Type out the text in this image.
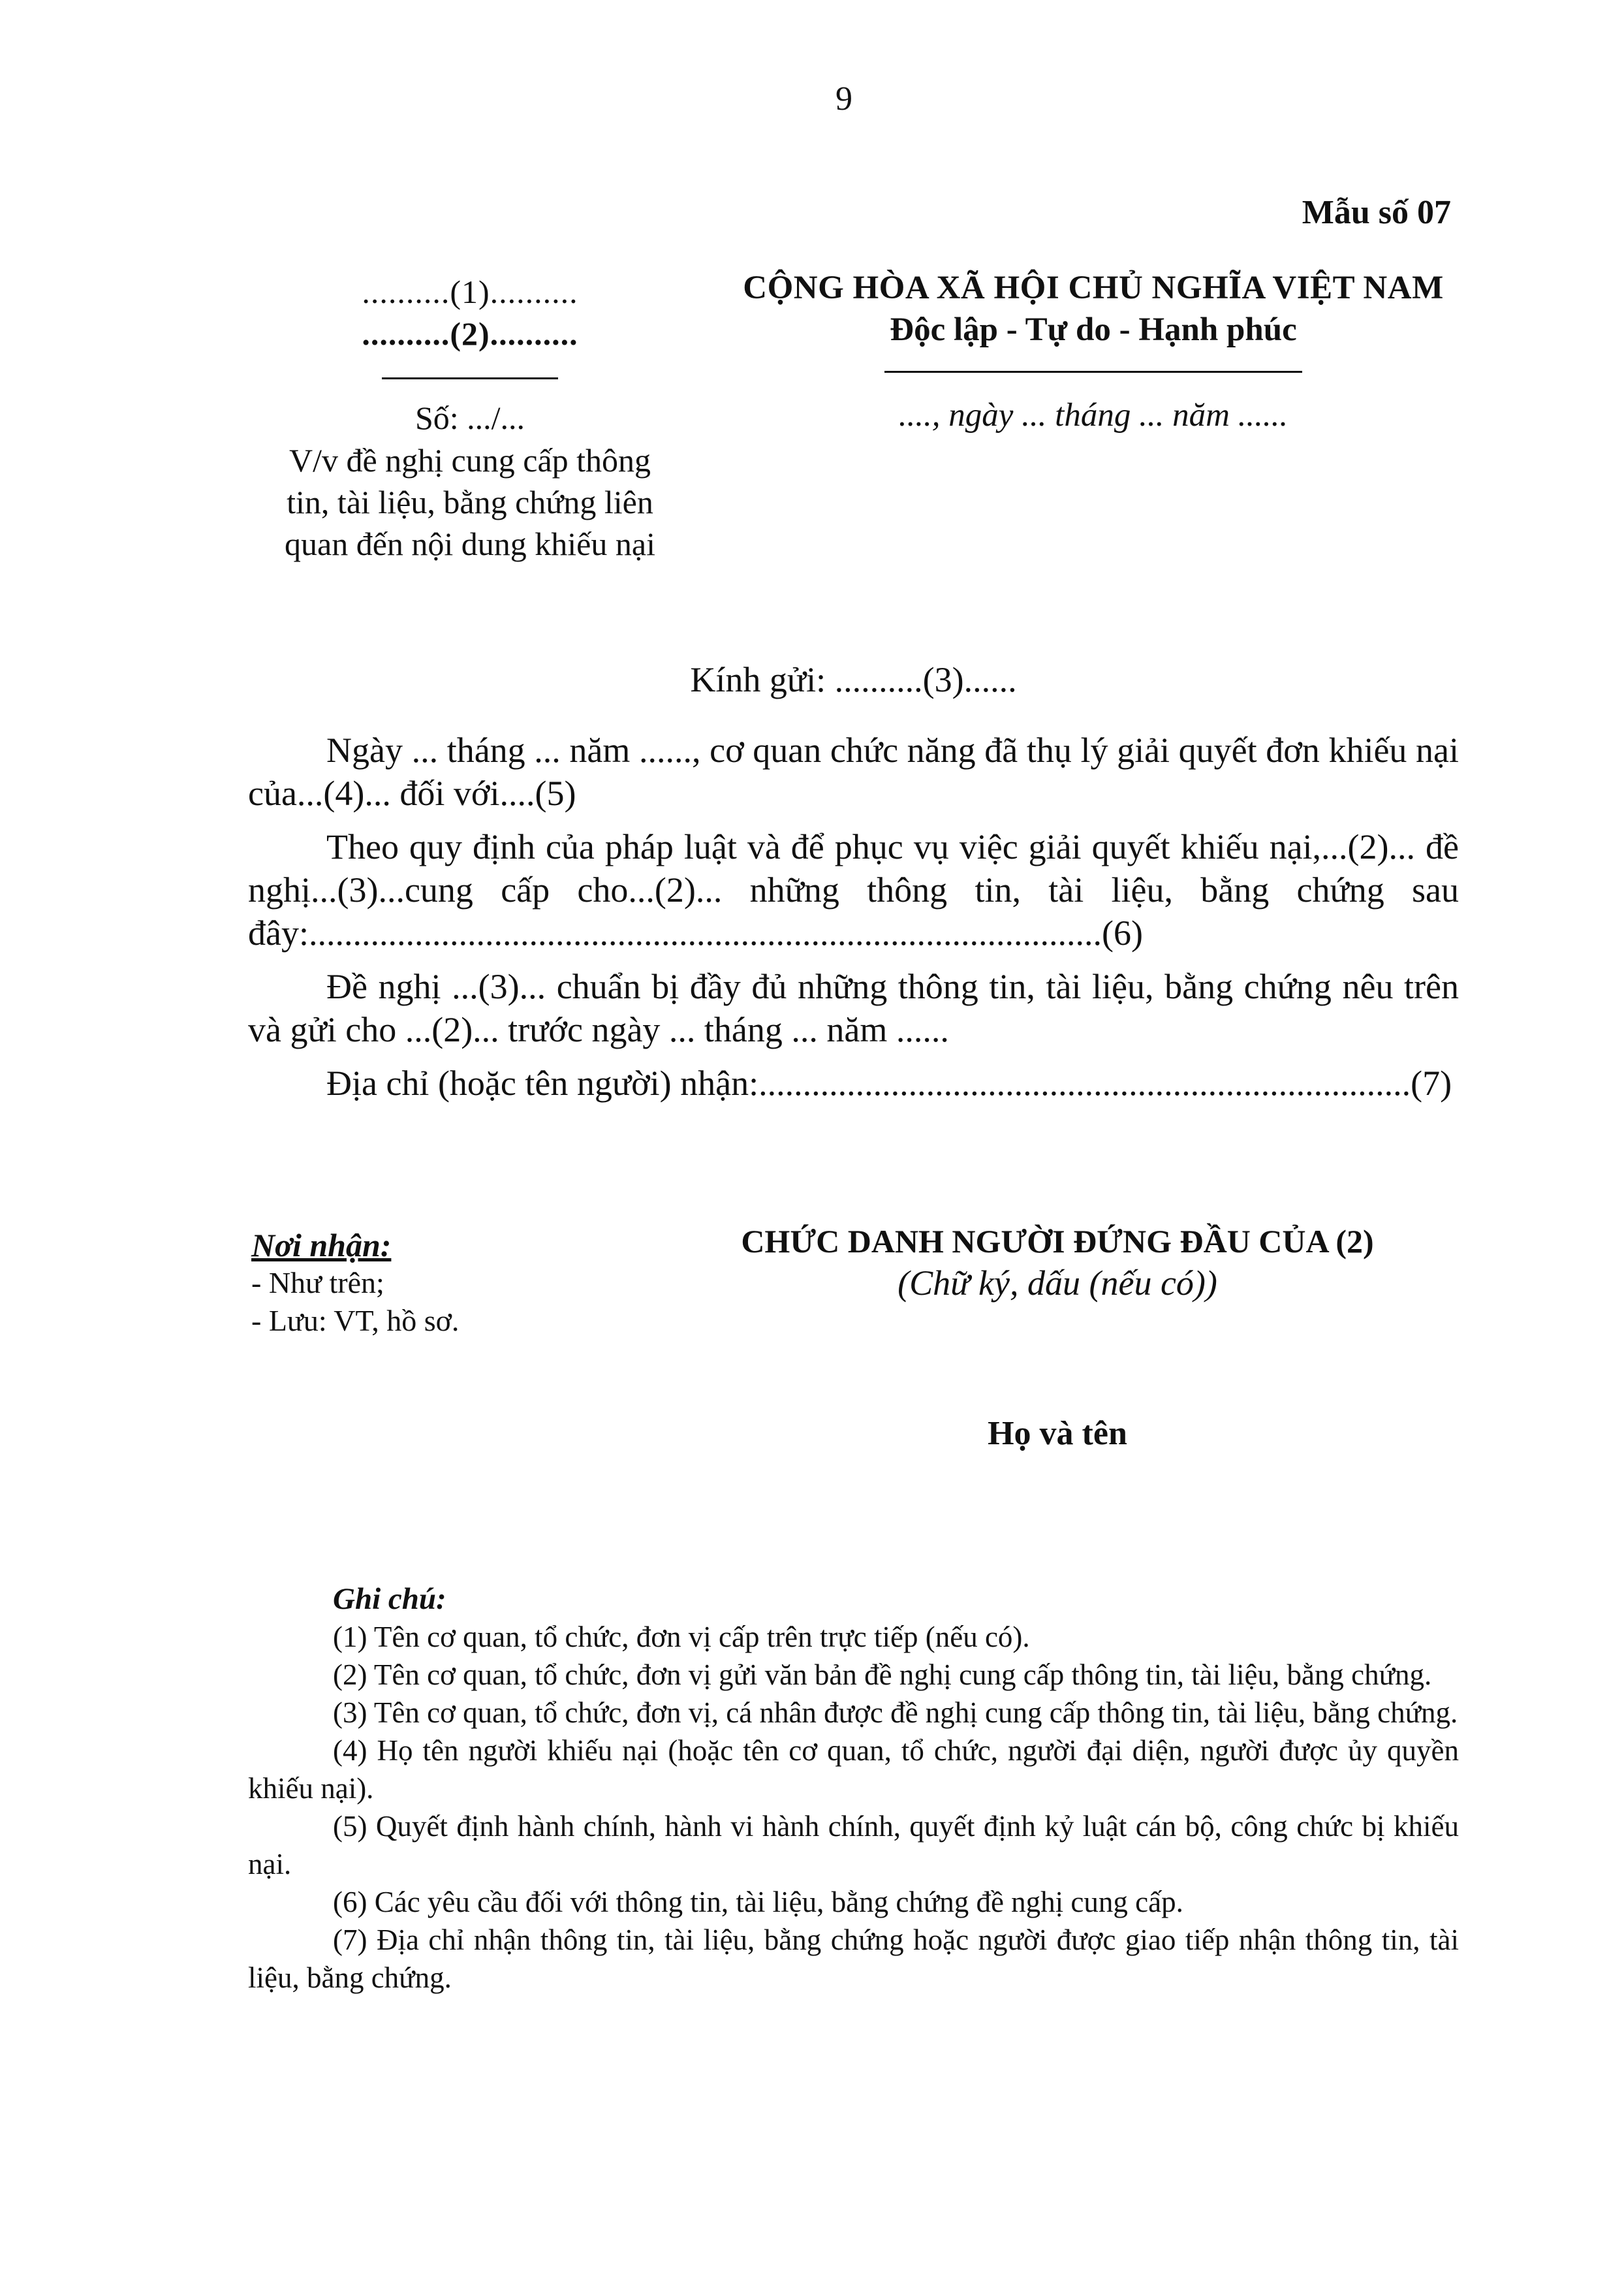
9
Mẫu số 07
..........(1)..........
..........(2)..........
Số: .../...
V/v đề nghị cung cấp thông
tin, tài liệu, bằng chứng liên
quan đến nội dung khiếu nại
CỘNG HÒA XÃ HỘI CHỦ NGHĨA VIỆT NAM
Độc lập - Tự do - Hạnh phúc
...., ngày ... tháng ... năm ......
Kính gửi: ..........(3)......

Ngày ... tháng ... năm ......, cơ quan chức năng đã thụ lý giải quyết đơn khiếu nại của...(4)... đối với....(5)

Theo quy định của pháp luật và để phục vụ việc giải quyết khiếu nại,...(2)... đề nghị...(3)...cung cấp cho...(2)... những thông tin, tài liệu, bằng chứng sau đây:..........................................................................................(6)

Đề nghị ...(3)... chuẩn bị đầy đủ những thông tin, tài liệu, bằng chứng nêu trên và gửi cho ...(2)... trước ngày ... tháng ... năm ......

Địa chỉ (hoặc tên người) nhận:..........................................................................(7)

Nơi nhận:
- Như trên;
- Lưu: VT, hồ sơ.
CHỨC DANH NGƯỜI ĐỨNG ĐẦU CỦA (2)
(Chữ ký, dấu (nếu có))
Họ và tên
Ghi chú:
(1) Tên cơ quan, tổ chức, đơn vị cấp trên trực tiếp (nếu có).
(2) Tên cơ quan, tổ chức, đơn vị gửi văn bản đề nghị cung cấp thông tin, tài liệu, bằng chứng.
(3) Tên cơ quan, tổ chức, đơn vị, cá nhân được đề nghị cung cấp thông tin, tài liệu, bằng chứng.
(4) Họ tên người khiếu nại (hoặc tên cơ quan, tổ chức, người đại diện, người được ủy quyền khiếu nại).
(5) Quyết định hành chính, hành vi hành chính, quyết định kỷ luật cán bộ, công chức bị khiếu nại.
(6) Các yêu cầu đối với thông tin, tài liệu, bằng chứng đề nghị cung cấp.
(7) Địa chỉ nhận thông tin, tài liệu, bằng chứng hoặc người được giao tiếp nhận thông tin, tài liệu, bằng chứng.
